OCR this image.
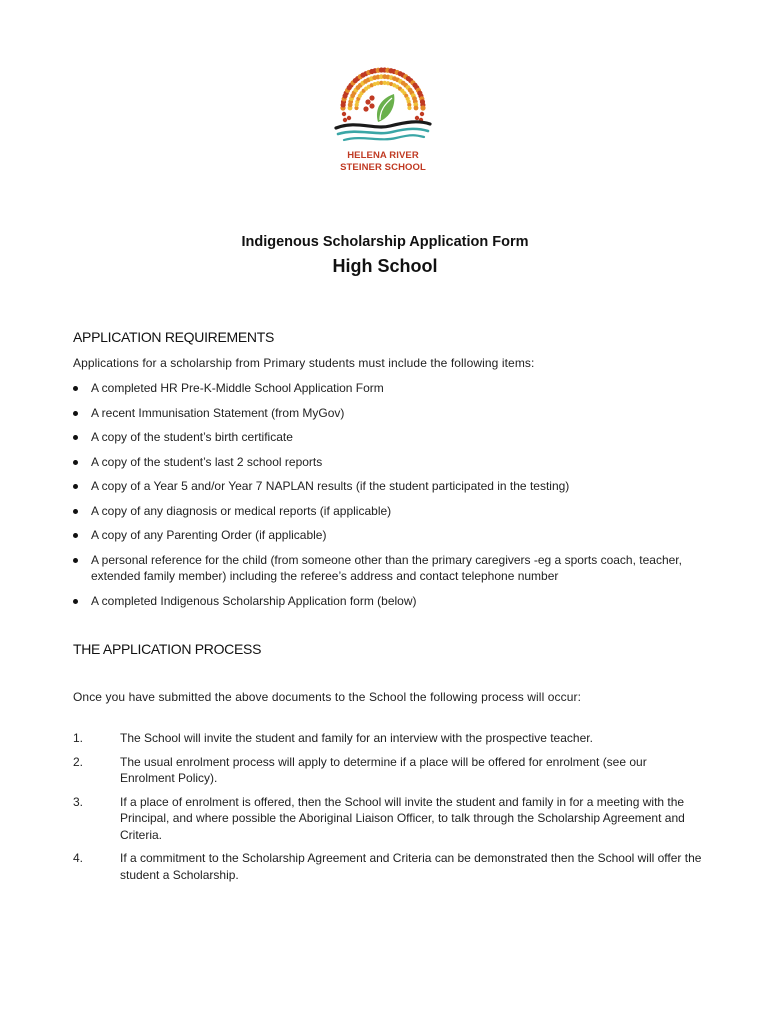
HELENA RIVER
STEINER SCHOOL
Indigenous Scholarship Application Form
High School
APPLICATION REQUIREMENTS
Applications for a scholarship from Primary students must include the following items:
A completed HR Pre-K-Middle School Application Form
A recent Immunisation Statement (from MyGov)
A copy of the student’s birth certificate
A copy of the student’s last 2 school reports
A copy of a Year 5 and/or Year 7 NAPLAN results (if the student participated in the testing)
A copy of any diagnosis or medical reports (if applicable)
A copy of any Parenting Order (if applicable)
A personal reference for the child (from someone other than the primary caregivers -eg a sports coach, teacher, extended family member) including the referee’s address and contact telephone number
A completed Indigenous Scholarship Application form (below)
THE APPLICATION PROCESS
Once you have submitted the above documents to the School the following process will occur:
1.	The School will invite the student and family for an interview with the prospective teacher.
2.	The usual enrolment process will apply to determine if a place will be offered for enrolment (see our Enrolment Policy).
3.	If a place of enrolment is offered, then the School will invite the student and family in for a meeting with the Principal, and where possible the Aboriginal Liaison Officer, to talk through the Scholarship Agreement and Criteria.
4.	If a commitment to the Scholarship Agreement and Criteria can be demonstrated then the School will offer the student a Scholarship.
